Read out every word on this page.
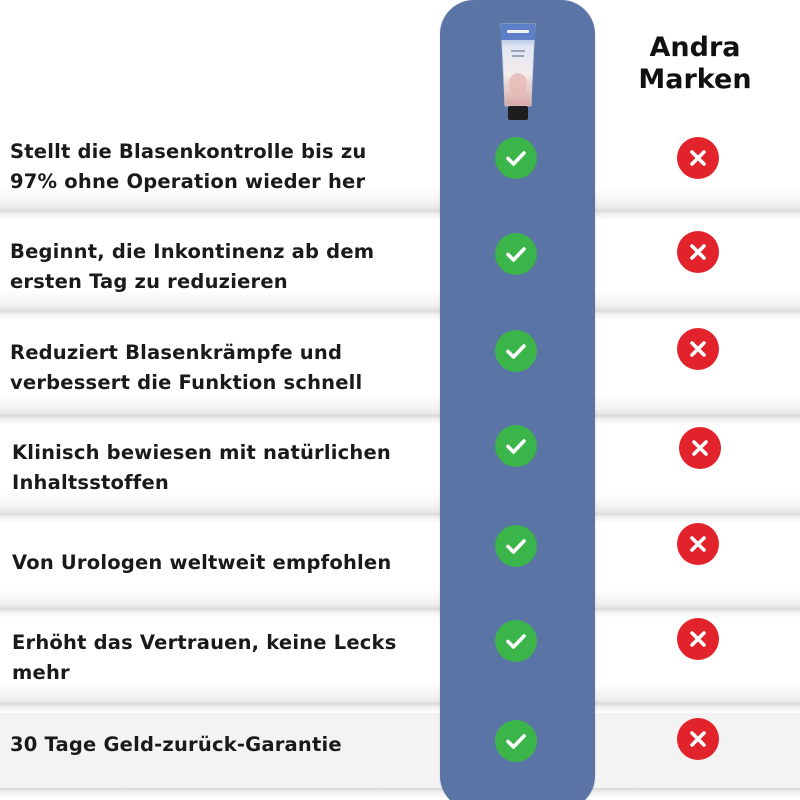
Andra
Marken
Stellt die Blasenkontrolle bis zu
97% ohne Operation wieder her
Beginnt, die Inkontinenz ab dem
ersten Tag zu reduzieren
Reduziert Blasenkrämpfe und
verbessert die Funktion schnell
Klinisch bewiesen mit natürlichen
Inhaltsstoffen
Von Urologen weltweit empfohlen
Erhöht das Vertrauen, keine Lecks
mehr
30 Tage Geld-zurück-Garantie
